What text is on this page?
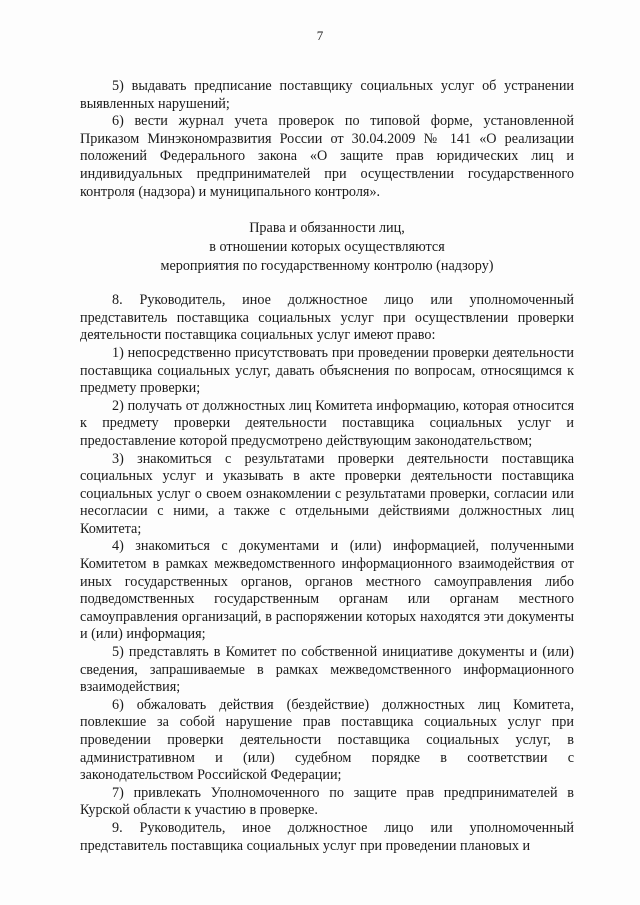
7

5) выдавать предписание поставщику социальных услуг об устранении выявленных нарушений;

6) вести журнал учета проверок по типовой форме, установленной Приказом Минэкономразвития России от 30.04.2009 № 141 «О реализации положений Федерального закона «О защите прав юридических лиц и индивидуальных предпринимателей при осуществлении государственного контроля (надзора) и муниципального контроля».

Права и обязанности лиц,
в отношении которых осуществляются
мероприятия по государственному контролю (надзору)

8. Руководитель, иное должностное лицо или уполномоченный представитель поставщика социальных услуг при осуществлении проверки деятельности поставщика социальных услуг имеют право:

1) непосредственно присутствовать при проведении проверки деятельности поставщика социальных услуг, давать объяснения по вопросам, относящимся к предмету проверки;

2) получать от должностных лиц Комитета информацию, которая относится к предмету проверки деятельности поставщика социальных услуг и предоставление которой предусмотрено действующим законодательством;

3) знакомиться с результатами проверки деятельности поставщика социальных услуг и указывать в акте проверки деятельности поставщика социальных услуг о своем ознакомлении с результатами проверки, согласии или несогласии с ними, а также с отдельными действиями должностных лиц Комитета;

4) знакомиться с документами и (или) информацией, полученными Комитетом в рамках межведомственного информационного взаимодействия от иных государственных органов, органов местного самоуправления либо подведомственных государственным органам или органам местного самоуправления организаций, в распоряжении которых находятся эти документы и (или) информация;

5) представлять в Комитет по собственной инициативе документы и (или) сведения, запрашиваемые в рамках межведомственного информационного взаимодействия;

6) обжаловать действия (бездействие) должностных лиц Комитета, повлекшие за собой нарушение прав поставщика социальных услуг при проведении проверки деятельности поставщика социальных услуг, в административном и (или) судебном порядке в соответствии с законодательством Российской Федерации;

7) привлекать Уполномоченного по защите прав предпринимателей в Курской области к участию в проверке.

9. Руководитель, иное должностное лицо или уполномоченный представитель поставщика социальных услуг при проведении плановых и
